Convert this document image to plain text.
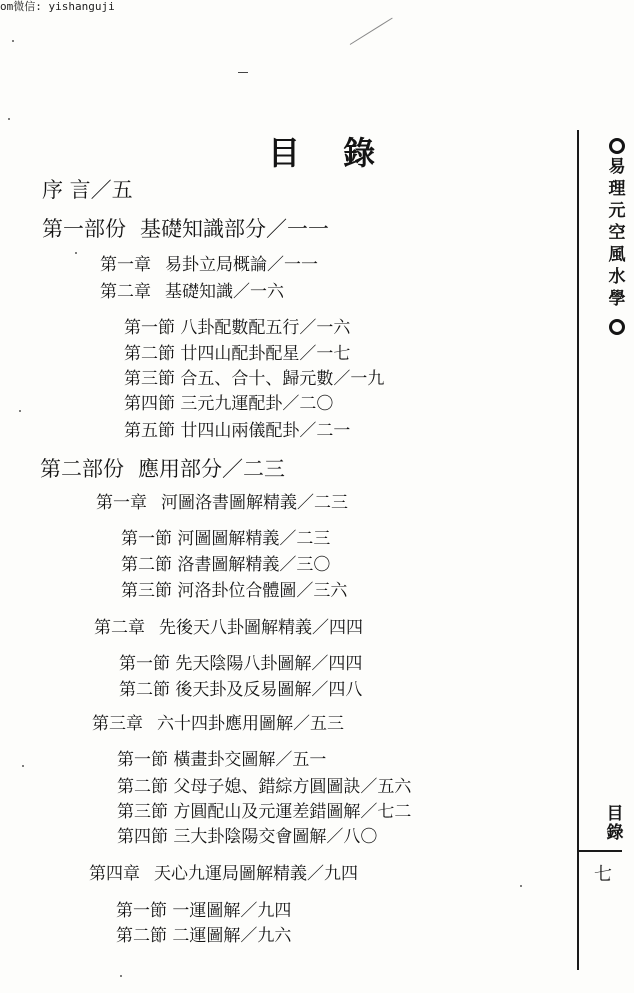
om微信: yishanguji
目 錄
序 言／五
第一部份 基礎知識部分／一一
第一章 易卦立局概論／一一
第二章 基礎知識／一六
第一節 八卦配數配五行／一六
第二節 廿四山配卦配星／一七
第三節 合五、合十、歸元數／一九
第四節 三元九運配卦／二〇
第五節 廿四山兩儀配卦／二一
第二部份 應用部分／二三
第一章 河圖洛書圖解精義／二三
第一節 河圖圖解精義／二三
第二節 洛書圖解精義／三〇
第三節 河洛卦位合體圖／三六
第二章 先後天八卦圖解精義／四四
第一節 先天陰陽八卦圖解／四四
第二節 後天卦及反易圖解／四八
第三章 六十四卦應用圖解／五三
第一節 橫畫卦交圖解／五一
第二節 父母子媳、錯綜方圓圖訣／五六
第三節 方圓配山及元運差錯圖解／七二
第四節 三大卦陰陽交會圖解／八〇
第四章 天心九運局圖解精義／九四
第一節 一運圖解／九四
第二節 二運圖解／九六
易
理
元
空
風
水
學
目
錄
七
